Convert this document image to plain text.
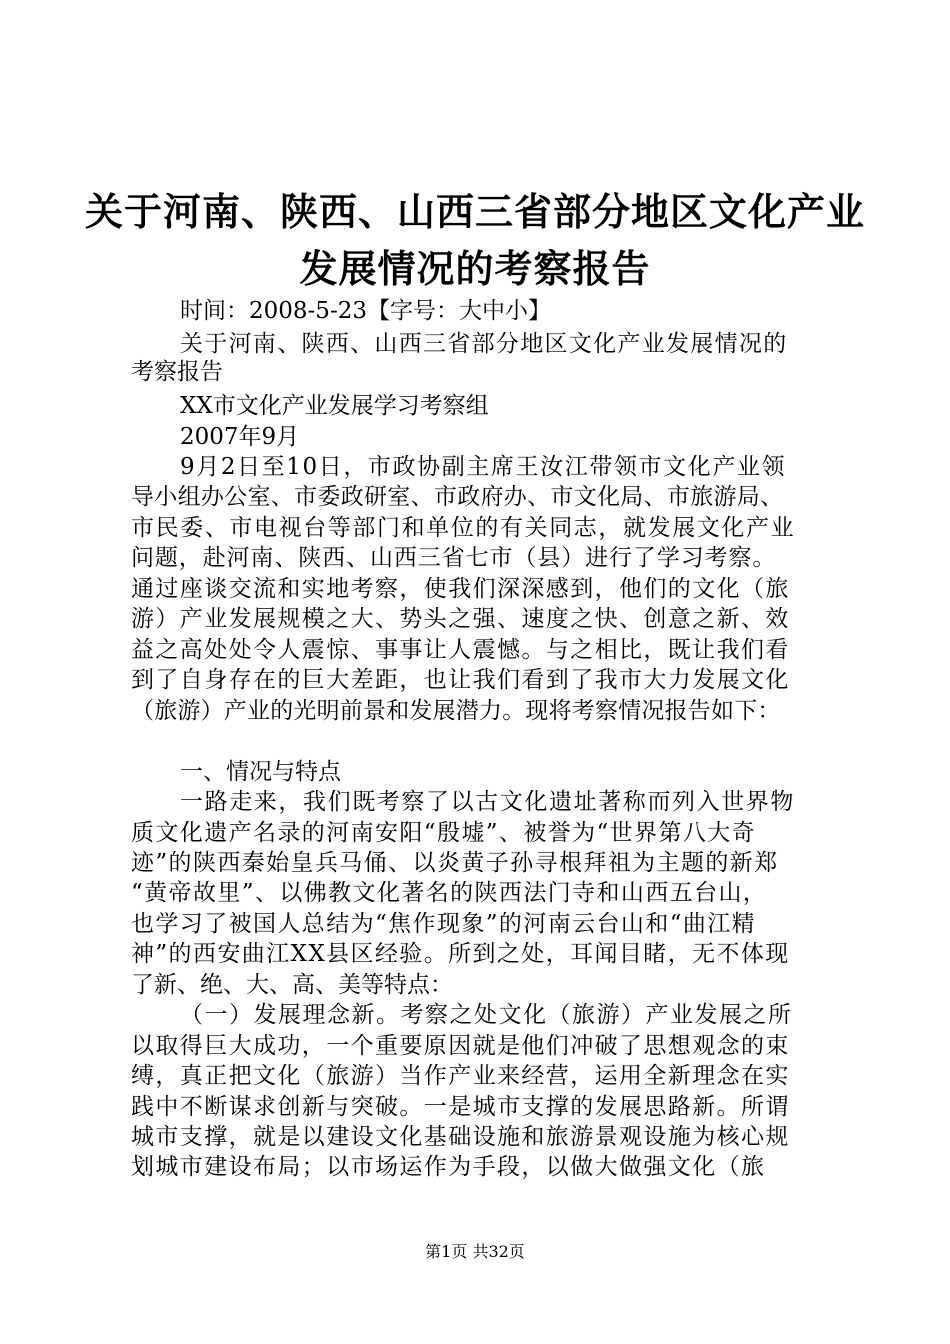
关于河南、陕西、山西三省部分地区文化产业
发展情况的考察报告
时间：2008-5-23【字号：大中小】
关于河南、陕西、山西三省部分地区文化产业发展情况的
考察报告
XX市文化产业发展学习考察组
2007年9月
9月2日至10日，市政协副主席王汝江带领市文化产业领
导小组办公室、市委政研室、市政府办、市文化局、市旅游局、
市民委、市电视台等部门和单位的有关同志，就发展文化产业
问题，赴河南、陕西、山西三省七市（县）进行了学习考察。
通过座谈交流和实地考察，使我们深深感到，他们的文化（旅
游）产业发展规模之大、势头之强、速度之快、创意之新、效
益之高处处令人震惊、事事让人震憾。与之相比，既让我们看
到了自身存在的巨大差距，也让我们看到了我市大力发展文化
（旅游）产业的光明前景和发展潜力。现将考察情况报告如下：
一、情况与特点
一路走来，我们既考察了以古文化遗址著称而列入世界物
质文化遗产名录的河南安阳“殷墟”、被誉为“世界第八大奇
迹”的陕西秦始皇兵马俑、以炎黄子孙寻根拜祖为主题的新郑
“黄帝故里”、以佛教文化著名的陕西法门寺和山西五台山，
也学习了被国人总结为“焦作现象”的河南云台山和“曲江精
神”的西安曲江XX县区经验。所到之处，耳闻目睹，无不体现
了新、绝、大、高、美等特点：
（一）发展理念新。考察之处文化（旅游）产业发展之所
以取得巨大成功，一个重要原因就是他们冲破了思想观念的束
缚，真正把文化（旅游）当作产业来经营，运用全新理念在实
践中不断谋求创新与突破。一是城市支撑的发展思路新。所谓
城市支撑，就是以建设文化基础设施和旅游景观设施为核心规
划城市建设布局；以市场运作为手段，以做大做强文化（旅
第1页 共32页
